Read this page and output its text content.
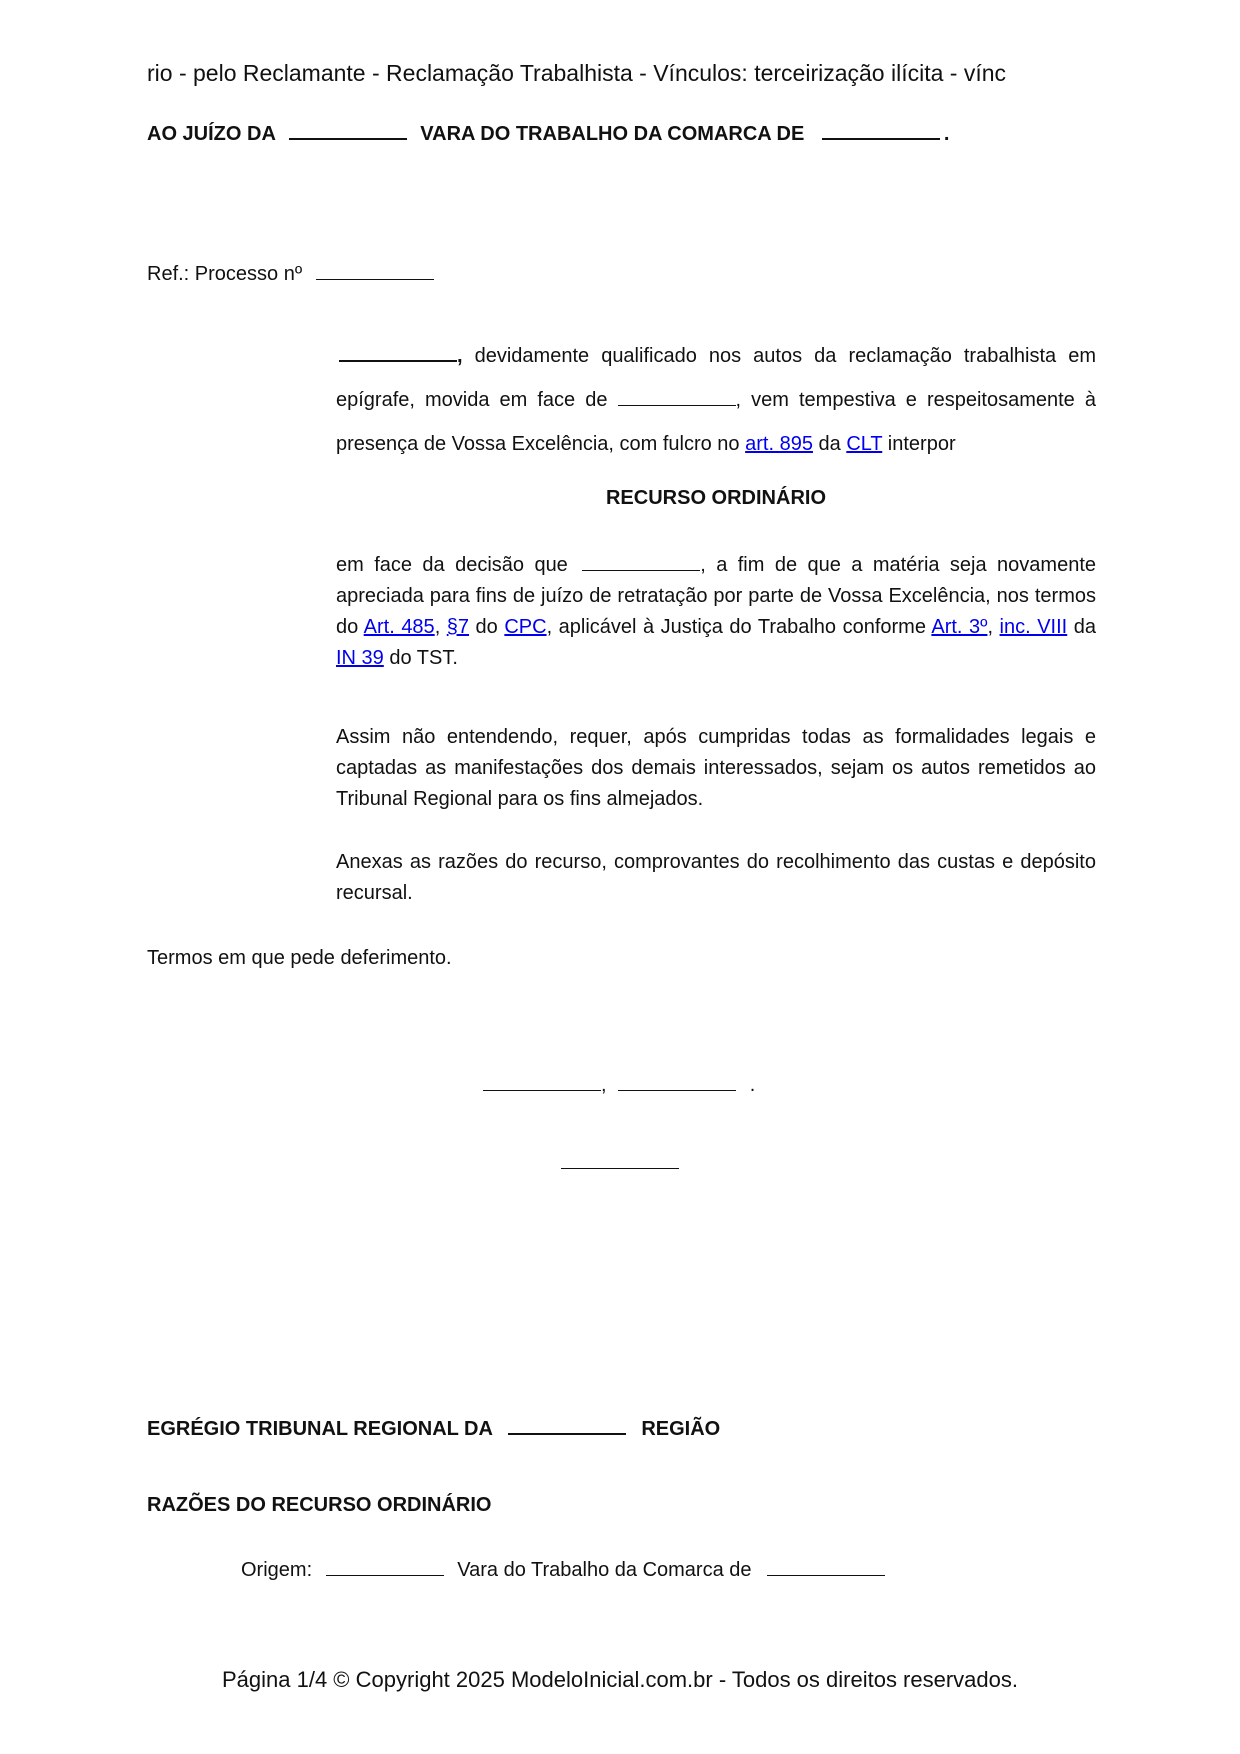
rio - pelo Reclamante - Reclamação Trabalhista - Vínculos: terceirização ilícita - vínc
AO JUÍZO DA	VARA DO TRABALHO DA COMARCA DE	.
Ref.: Processo nº
, devidamente qualificado nos autos da reclamação trabalhista em epígrafe, movida em face de	, vem tempestiva e respeitosamente à presença de Vossa Excelência, com fulcro no art. 895 da CLT interpor
RECURSO ORDINÁRIO
em face da decisão que	, a fim de que a matéria seja novamente apreciada para fins de juízo de retratação por parte de Vossa Excelência, nos termos do Art. 485, §7 do CPC, aplicável à Justiça do Trabalho conforme Art. 3º, inc. VIII da IN 39 do TST.
Assim não entendendo, requer, após cumpridas todas as formalidades legais e captadas as manifestações dos demais interessados, sejam os autos remetidos ao Tribunal Regional para os fins almejados.
Anexas as razões do recurso, comprovantes do recolhimento das custas e depósito recursal.
Termos em que pede deferimento.
,	.
EGRÉGIO TRIBUNAL REGIONAL DA	REGIÃO
RAZÕES DO RECURSO ORDINÁRIO
Origem:	Vara do Trabalho da Comarca de
Página 1/4 © Copyright 2025 ModeloInicial.com.br - Todos os direitos reservados.
